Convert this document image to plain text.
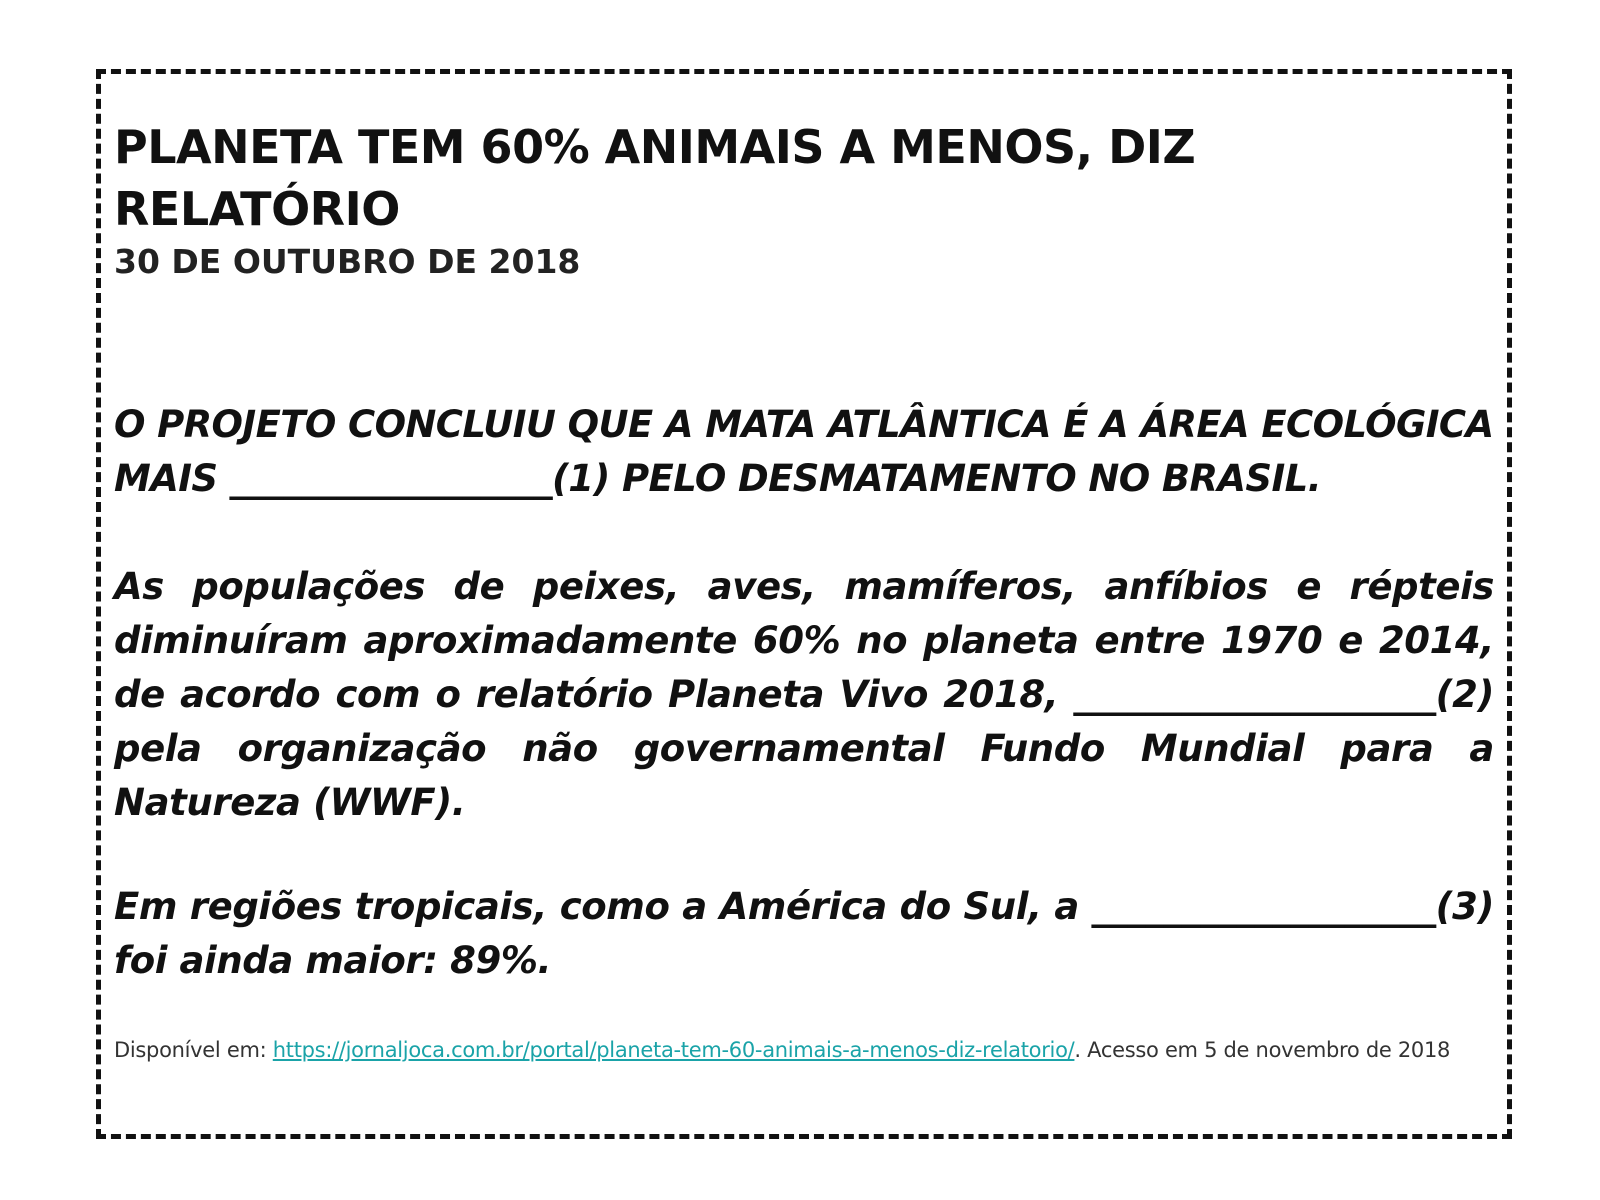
PLANETA TEM 60% ANIMAIS A MENOS, DIZ RELATÓRIO

30 DE OUTUBRO DE 2018

O PROJETO CONCLUIU QUE A MATA ATLÂNTICA É A ÁREA ECOLÓGICA MAIS __________________(1) PELO DESMATAMENTO NO BRASIL.

As populações de peixes, aves, mamíferos, anfíbios e répteis diminuíram aproximadamente 60% no planeta entre 1970 e 2014, de acordo com o relatório Planeta Vivo 2018, ____________________(2) pela organização não governamental Fundo Mundial para a Natureza (WWF).

Em regiões tropicais, como a América do Sul, a ___________________(3) foi ainda maior: 89%.

Disponível em: https://jornaljoca.com.br/portal/planeta-tem-60-animais-a-menos-diz-relatorio/. Acesso em 5 de novembro de 2018
